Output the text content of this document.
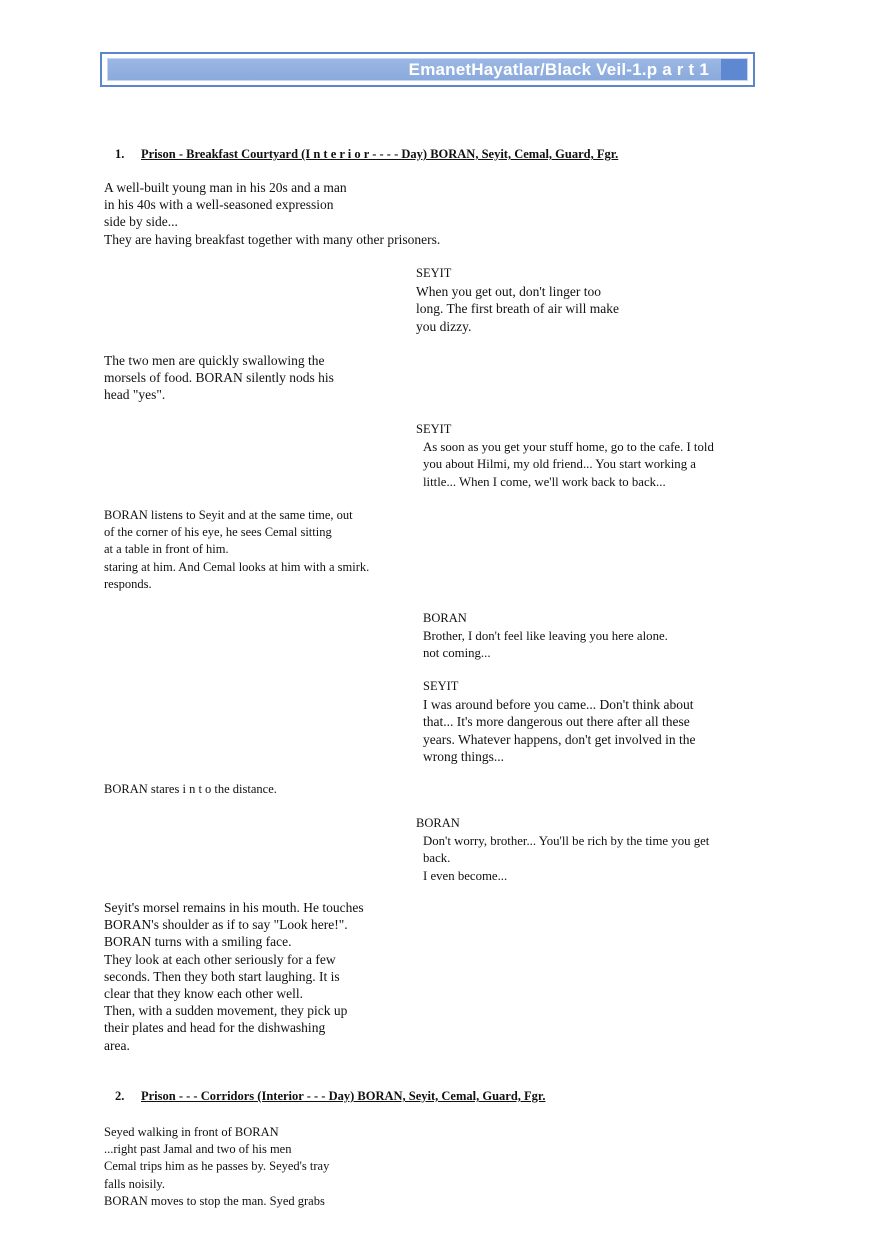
EmanetHayatlar/Black Veil-1.p a r t 1
1. Prison - Breakfast Courtyard (I n t e r i o r - - - - Day) BORAN, Seyit, Cemal, Guard, Fgr.
A well-built young man in his 20s and a man
in his 40s with a well-seasoned expression
side by side...
They are having breakfast together with many other prisoners.
SEYIT
When you get out, don't linger too
long. The first breath of air will make
you dizzy.
The two men are quickly swallowing the
morsels of food. BORAN silently nods his
head "yes".
SEYIT
As soon as you get your stuff home, go to the cafe. I told
you about Hilmi, my old friend... You start working a
little... When I come, we'll work back to back...
BORAN listens to Seyit and at the same time, out
of the corner of his eye, he sees Cemal sitting
at a table in front of him.
staring at him. And Cemal looks at him with a smirk.
responds.
BORAN
Brother, I don't feel like leaving you here alone.
not coming...
SEYIT
I was around before you came... Don't think about
that... It's more dangerous out there after all these
years. Whatever happens, don't get involved in the
wrong things...
BORAN stares i n t o the distance.
BORAN
Don't worry, brother... You'll be rich by the time you get
back.
I even become...
Seyit's morsel remains in his mouth. He touches
BORAN's shoulder as if to say "Look here!".
BORAN turns with a smiling face.
They look at each other seriously for a few
seconds. Then they both start laughing. It is
clear that they know each other well.
Then, with a sudden movement, they pick up
their plates and head for the dishwashing
area.
2. Prison - - - Corridors (Interior - - - Day) BORAN, Seyit, Cemal, Guard, Fgr.
Seyed walking in front of BORAN
...right past Jamal and two of his men
Cemal trips him as he passes by. Seyed's tray
falls noisily.
BORAN moves to stop the man. Syed grabs
